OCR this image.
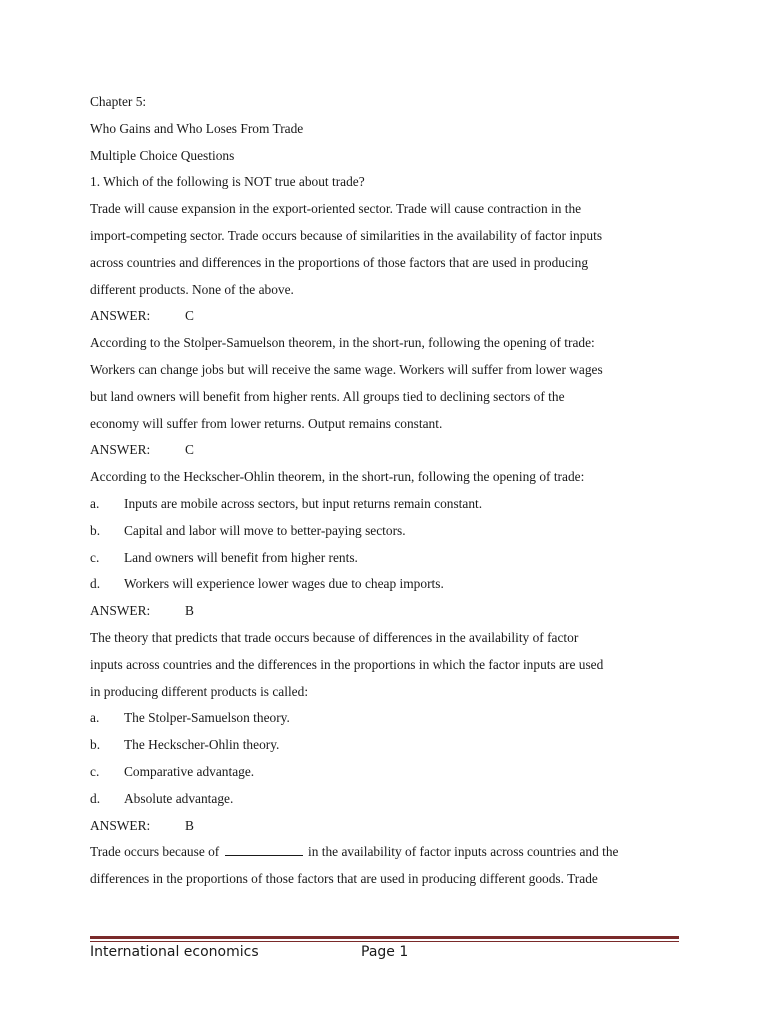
Chapter 5:

Who Gains and Who Loses From Trade

Multiple Choice Questions

1. Which of the following is NOT true about trade?

Trade will cause expansion in the export-oriented sector. Trade will cause contraction in the

import-competing sector. Trade occurs because of similarities in the availability of factor inputs

across countries and differences in the proportions of those factors that are used in producing

different products. None of the above.

ANSWER:	C

According to the Stolper-Samuelson theorem, in the short-run, following the opening of trade:

Workers can change jobs but will receive the same wage. Workers will suffer from lower wages

but land owners will benefit from higher rents. All groups tied to declining sectors of the

economy will suffer from lower returns. Output remains constant.

ANSWER:	C

According to the Heckscher-Ohlin theorem, in the short-run, following the opening of trade:

a. Inputs are mobile across sectors, but input returns remain constant.

b. Capital and labor will move to better-paying sectors.

c. Land owners will benefit from higher rents.

d. Workers will experience lower wages due to cheap imports.

ANSWER:	B

The theory that predicts that trade occurs because of differences in the availability of factor

inputs across countries and the differences in the proportions in which the factor inputs are used

in producing different products is called:

a. The Stolper-Samuelson theory.

b. The Heckscher-Ohlin theory.

c. Comparative advantage.

d. Absolute advantage.

ANSWER:	B

Trade occurs because of	in the availability of factor inputs across countries and the

differences in the proportions of those factors that are used in producing different goods. Trade

International economics	Page 1
